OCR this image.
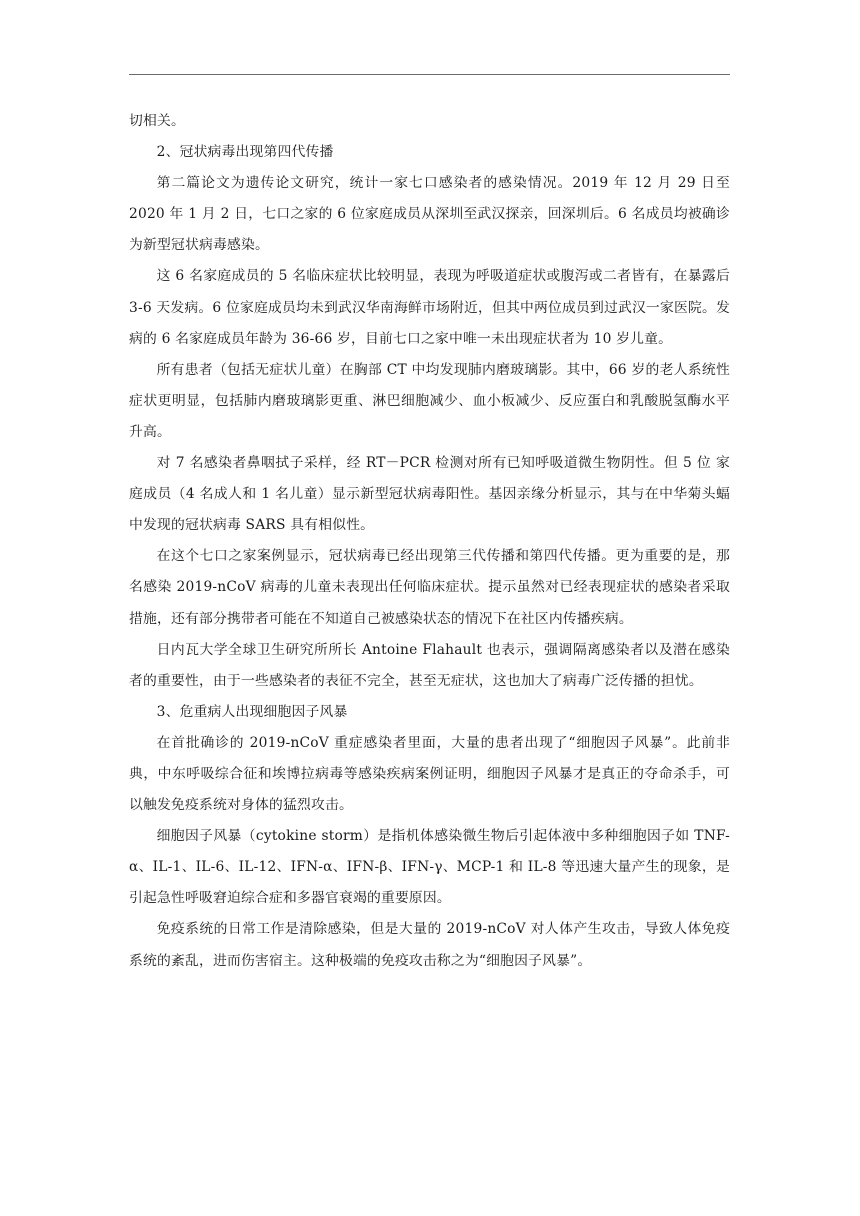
切相关。

2、冠状病毒出现第四代传播

第二篇论文为遗传论文研究，统计一家七口感染者的感染情况。2019 年 12 月 29 日至 2020 年 1 月 2 日，七口之家的 6 位家庭成员从深圳至武汉探亲，回深圳后。6 名成员均被确诊为新型冠状病毒感染。

这 6 名家庭成员的 5 名临床症状比较明显，表现为呼吸道症状或腹泻或二者皆有，在暴露后 3-6 天发病。6 位家庭成员均未到武汉华南海鲜市场附近，但其中两位成员到过武汉一家医院。发病的 6 名家庭成员年龄为 36-66 岁，目前七口之家中唯一未出现症状者为 10 岁儿童。

所有患者（包括无症状儿童）在胸部 CT 中均发现肺内磨玻璃影。其中，66 岁的老人系统性症状更明显，包括肺内磨玻璃影更重、淋巴细胞减少、血小板减少、反应蛋白和乳酸脱氢酶水平升高。

对 7 名感染者鼻咽拭子采样，经 RT－PCR 检测对所有已知呼吸道微生物阴性。但 5 位 家庭成员（4 名成人和 1 名儿童）显示新型冠状病毒阳性。基因亲缘分析显示，其与在中华菊头蝠中发现的冠状病毒 SARS 具有相似性。

在这个七口之家案例显示，冠状病毒已经出现第三代传播和第四代传播。更为重要的是，那名感染 2019-nCoV 病毒的儿童未表现出任何临床症状。提示虽然对已经表现症状的感染者采取措施，还有部分携带者可能在不知道自己被感染状态的情况下在社区内传播疾病。

日内瓦大学全球卫生研究所所长 Antoine Flahault 也表示，强调隔离感染者以及潜在感染者的重要性，由于一些感染者的表征不完全，甚至无症状，这也加大了病毒广泛传播的担忧。

3、危重病人出现细胞因子风暴

在首批确诊的 2019-nCoV 重症感染者里面，大量的患者出现了“细胞因子风暴”。此前非典，中东呼吸综合征和埃博拉病毒等感染疾病案例证明，细胞因子风暴才是真正的夺命杀手，可以触发免疫系统对身体的猛烈攻击。

细胞因子风暴（cytokine storm）是指机体感染微生物后引起体液中多种细胞因子如 TNF-α、IL-1、IL-6、IL-12、IFN-α、IFN-β、IFN-γ、MCP-1 和 IL-8 等迅速大量产生的现象，是引起急性呼吸窘迫综合症和多器官衰竭的重要原因。

免疫系统的日常工作是清除感染，但是大量的 2019-nCoV 对人体产生攻击，导致人体免疫系统的紊乱，进而伤害宿主。这种极端的免疫攻击称之为“细胞因子风暴”。
